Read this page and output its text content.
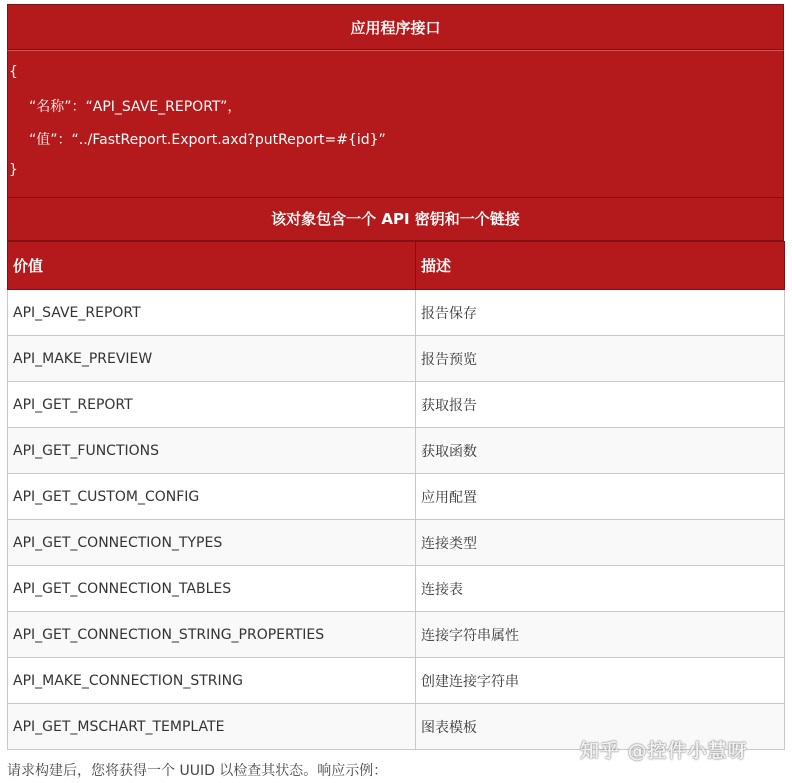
应用程序接口
{
“名称”：“API_SAVE_REPORT”，
“值”：“../FastReport.Export.axd?putReport=#{id}”
}
该对象包含一个 API 密钥和一个链接
价值	描述
API_SAVE_REPORT	报告保存
API_MAKE_PREVIEW	报告预览
API_GET_REPORT	获取报告
API_GET_FUNCTIONS	获取函数
API_GET_CUSTOM_CONFIG	应用配置
API_GET_CONNECTION_TYPES	连接类型
API_GET_CONNECTION_TABLES	连接表
API_GET_CONNECTION_STRING_PROPERTIES	连接字符串属性
API_MAKE_CONNECTION_STRING	创建连接字符串
API_GET_MSCHART_TEMPLATE	图表模板
请求构建后，您将获得一个 UUID 以检查其状态。响应示例：
知乎 @控件小慧呀
